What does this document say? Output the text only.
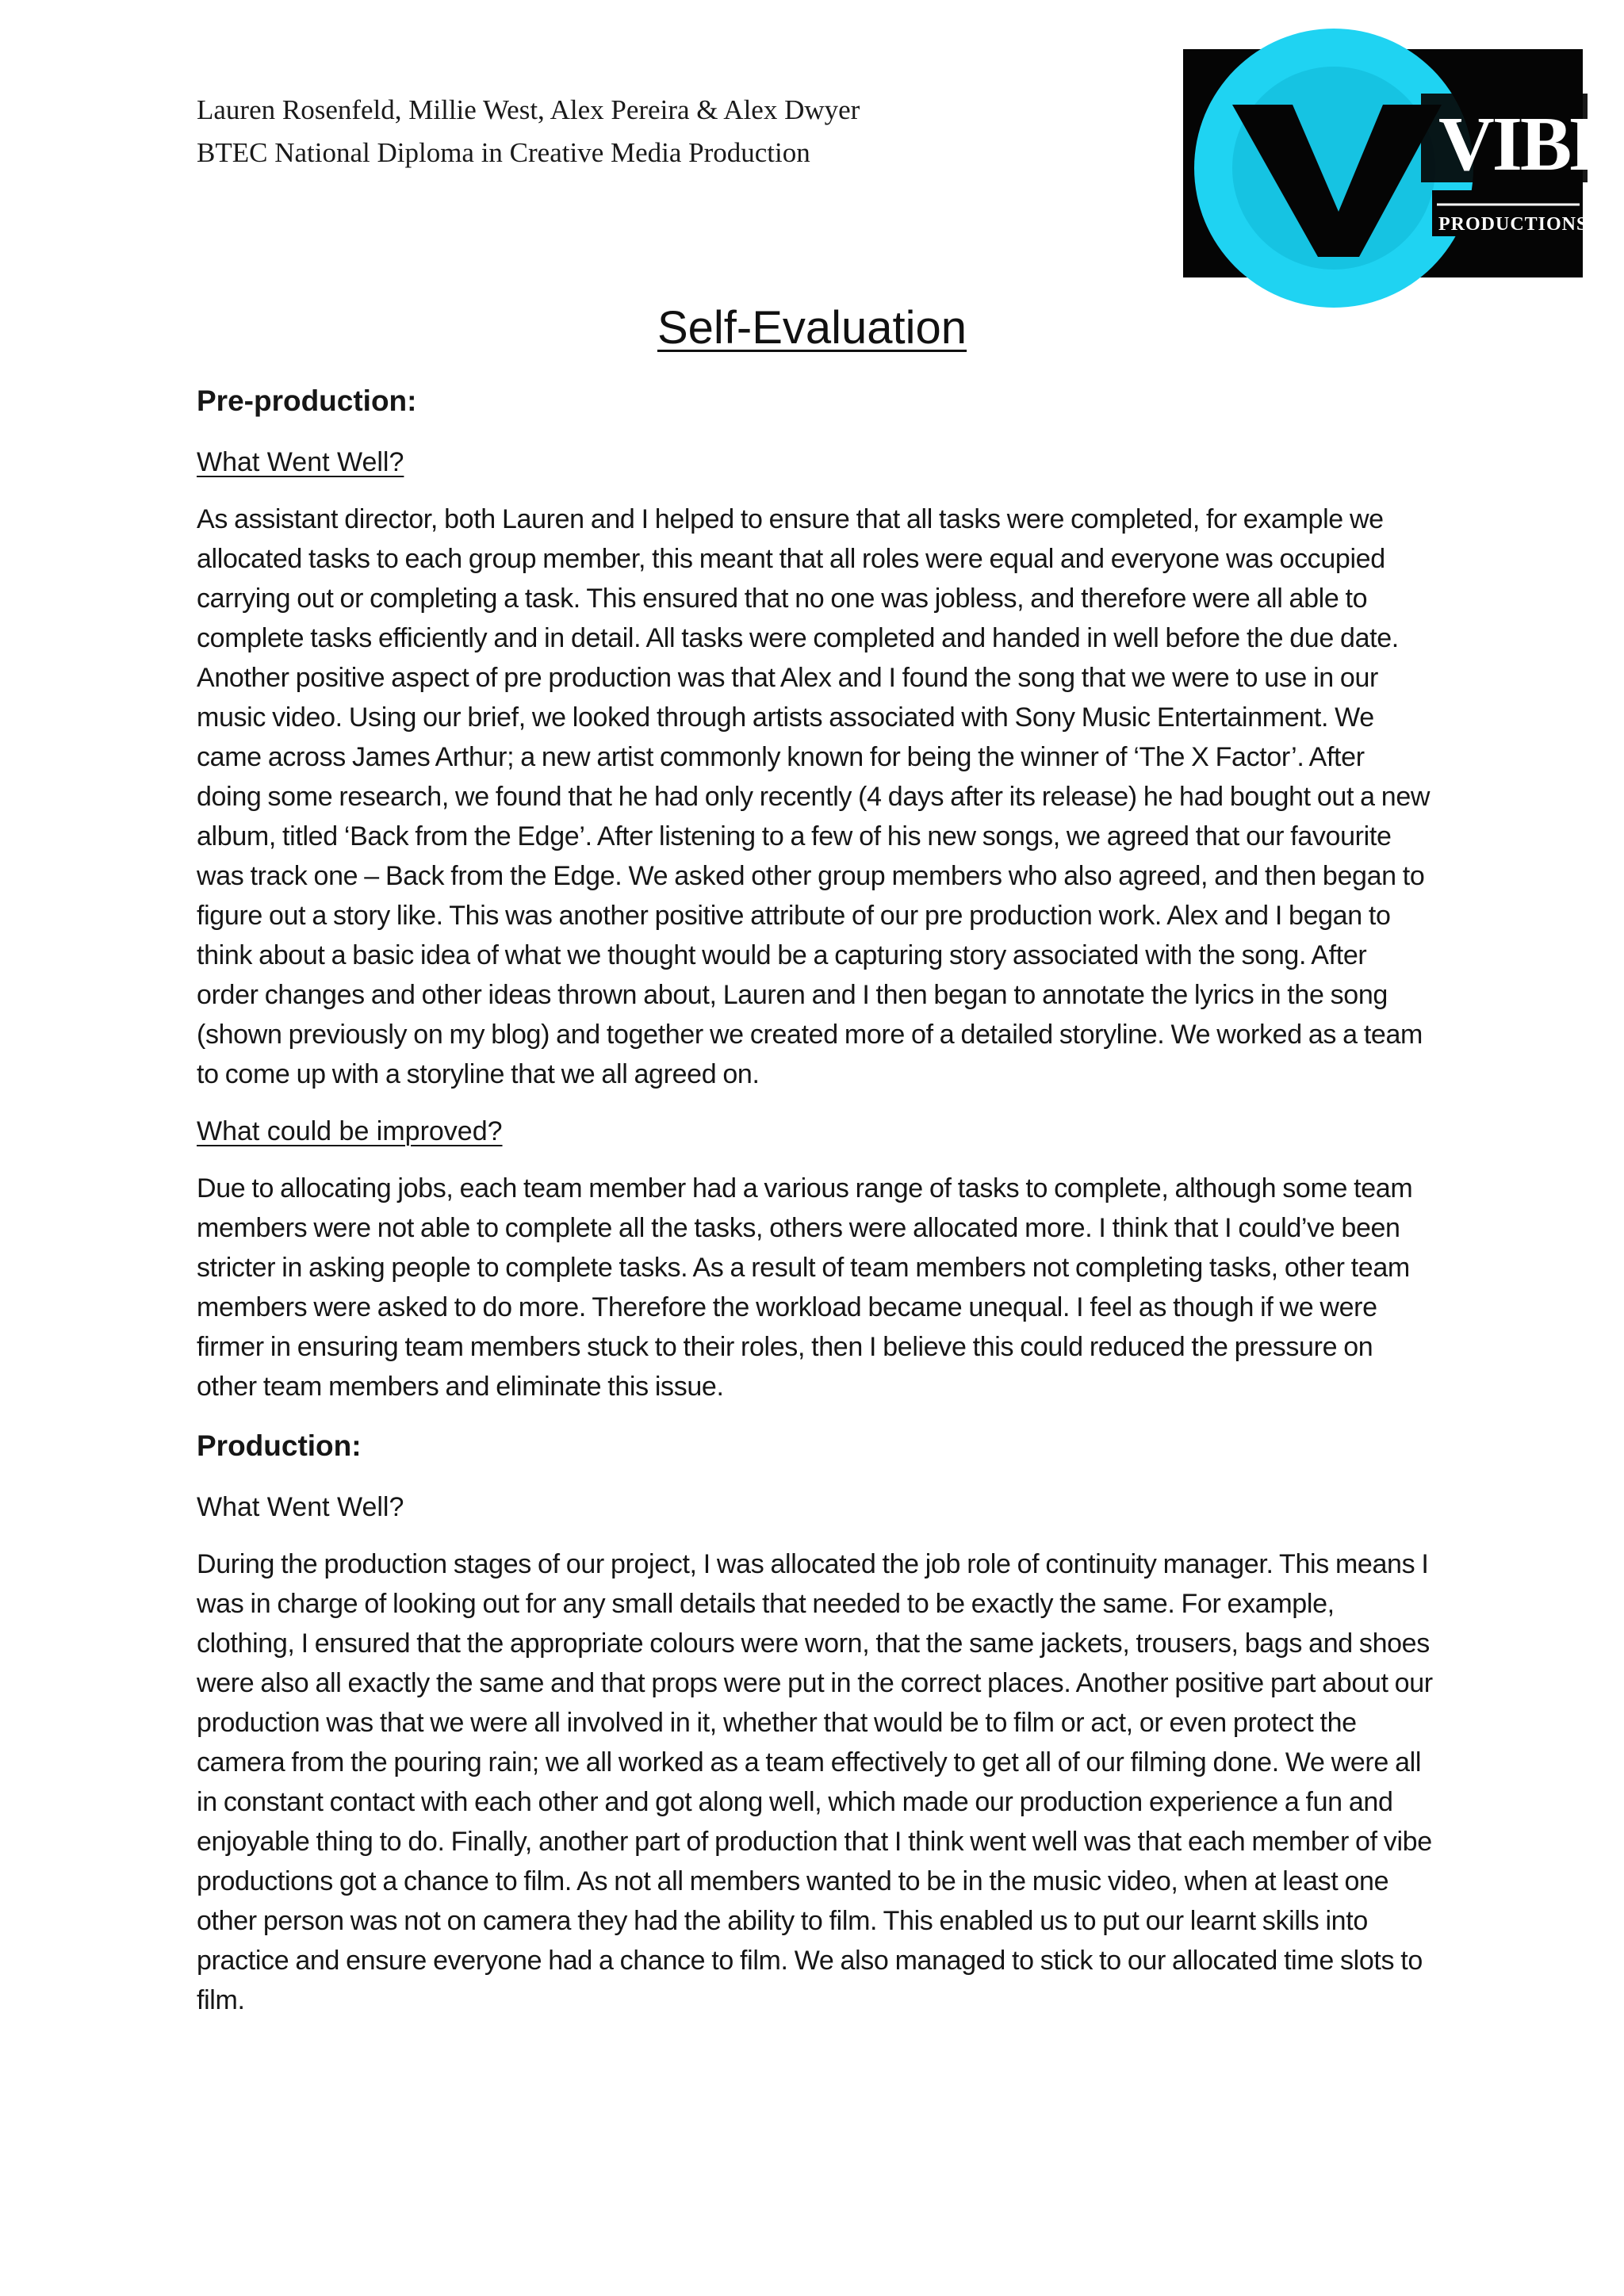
Lauren Rosenfeld, Millie West, Alex Pereira & Alex Dwyer
BTEC National Diploma in Creative Media Production	VIBE
PRODUCTIONS
Self-Evaluation
Pre-production:
What Went Well?

As assistant director, both Lauren and I helped to ensure that all tasks were completed, for example we allocated tasks to each group member, this meant that all roles were equal and everyone was occupied carrying out or completing a task. This ensured that no one was jobless, and therefore were all able to complete tasks efficiently and in detail. All tasks were completed and handed in well before the due date. Another positive aspect of pre production was that Alex and I found the song that we were to use in our music video. Using our brief, we looked through artists associated with Sony Music Entertainment. We came across James Arthur; a new artist commonly known for being the winner of ‘The X Factor’. After doing some research, we found that he had only recently (4 days after its release) he had bought out a new album, titled ‘Back from the Edge’. After listening to a few of his new songs, we agreed that our favourite was track one – Back from the Edge. We asked other group members who also agreed, and then began to figure out a story like. This was another positive attribute of our pre production work. Alex and I began to think about a basic idea of what we thought would be a capturing story associated with the song. After order changes and other ideas thrown about, Lauren and I then began to annotate the lyrics in the song (shown previously on my blog) and together we created more of a detailed storyline. We worked as a team to come up with a storyline that we all agreed on.

What could be improved?

Due to allocating jobs, each team member had a various range of tasks to complete, although some team members were not able to complete all the tasks, others were allocated more. I think that I could’ve been stricter in asking people to complete tasks. As a result of team members not completing tasks, other team members were asked to do more. Therefore the workload became unequal. I feel as though if we were firmer in ensuring team members stuck to their roles, then I believe this could reduced the pressure on other team members and eliminate this issue.

Production:
What Went Well?

During the production stages of our project, I was allocated the job role of continuity manager. This means I was in charge of looking out for any small details that needed to be exactly the same. For example, clothing, I ensured that the appropriate colours were worn, that the same jackets, trousers, bags and shoes were also all exactly the same and that props were put in the correct places. Another positive part about our production was that we were all involved in it, whether that would be to film or act, or even protect the camera from the pouring rain; we all worked as a team effectively to get all of our filming done. We were all in constant contact with each other and got along well, which made our production experience a fun and enjoyable thing to do. Finally, another part of production that I think went well was that each member of vibe productions got a chance to film. As not all members wanted to be in the music video, when at least one other person was not on camera they had the ability to film. This enabled us to put our learnt skills into practice and ensure everyone had a chance to film. We also managed to stick to our allocated time slots to film.
